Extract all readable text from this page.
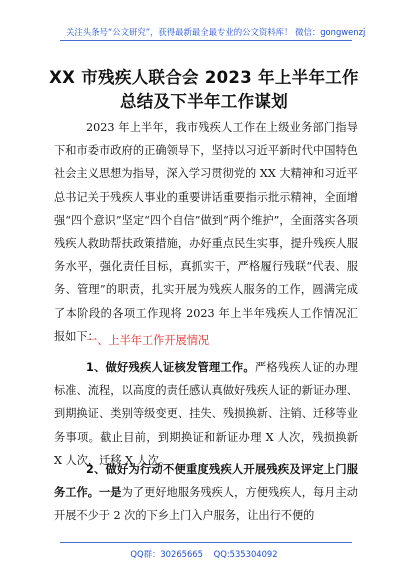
关注头条号“公文研究”，获得最新最全最专业的公文资料库！ 微信：gongwenzj
XX 市残疾人联合会 2023 年上半年工作
总结及下半年工作谋划

2023 年上半年，我市残疾人工作在上级业务部门指导下和市委市政府的正确领导下，坚持以习近平新时代中国特色社会主义思想为指导，深入学习贯彻党的 XX 大精神和习近平总书记关于残疾人事业的重要讲话重要指示批示精神，全面增强“四个意识”坚定“四个自信”做到“两个维护”，全面落实各项残疾人救助帮扶政策措施，办好重点民生实事，提升残疾人服务水平，强化责任目标，真抓实干，严格履行残联“代表、服务、管理”的职责，扎实开展为残疾人服务的工作，圆满完成了本阶段的各项工作现将 2023 年上半年残疾人工作情况汇报如下：

一、上半年工作开展情况

1、做好残疾人证核发管理工作。严格残疾人证的办理标准、流程，以高度的责任感认真做好残疾人证的新证办理、到期换证、类别等级变更、挂失、残损换新、注销、迁移等业务事项。截止目前，到期换证和新证办理 X 人次，残损换新 X 人次，迁移 X 人次。

2、做好为行动不便重度残疾人开展残疾及评定上门服务工作。一是为了更好地服务残疾人，方便残疾人，每月主动开展不少于 2 次的下乡上门入户服务，让出行不便的

QQ群：30265665 QQ:535304092
